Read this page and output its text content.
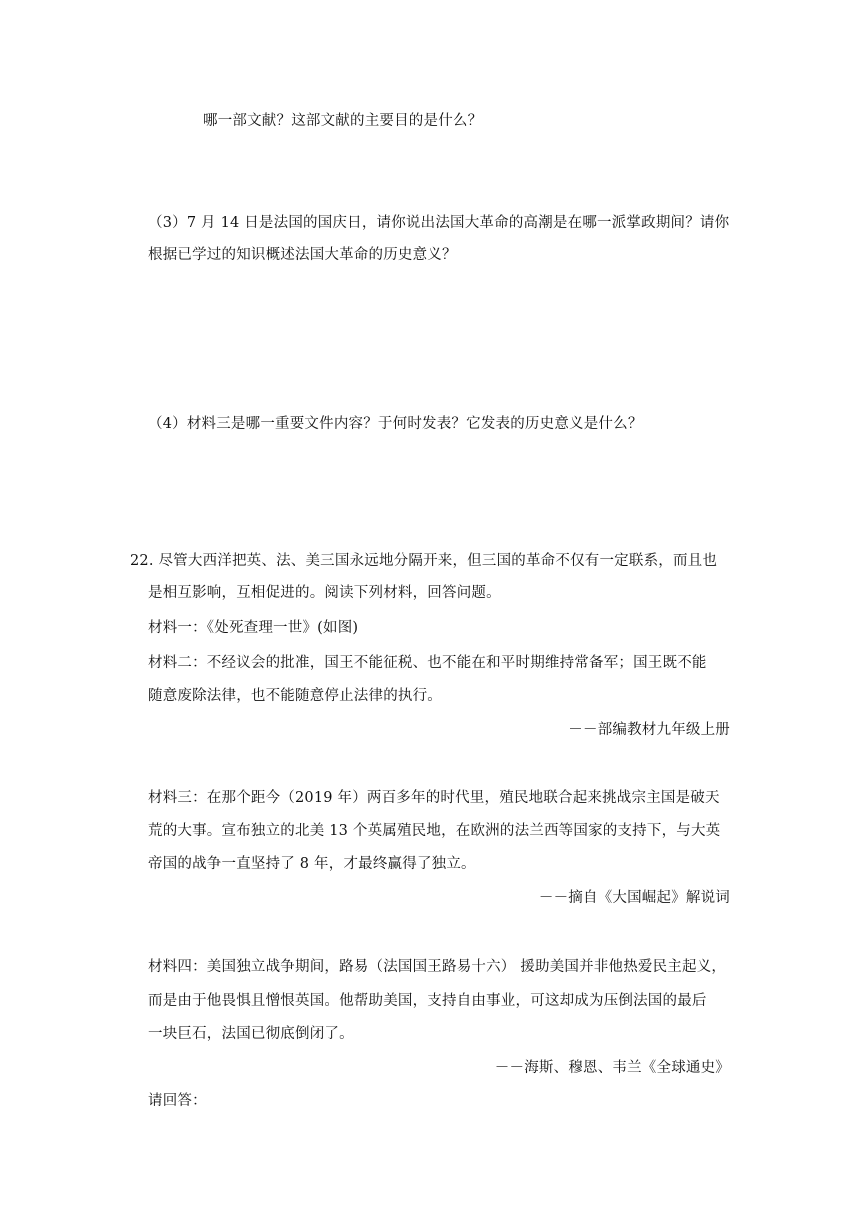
哪一部文献？这部文献的主要目的是什么？
（3）7 月 14 日是法国的国庆日，请你说出法国大革命的高潮是在哪一派掌政期间？请你
根据已学过的知识概述法国大革命的历史意义？
（4）材料三是哪一重要文件内容？于何时发表？它发表的历史意义是什么？
22. 尽管大西洋把英、法、美三国永远地分隔开来，但三国的革命不仅有一定联系，而且也
是相互影响，互相促进的。阅读下列材料，回答问题。
材料一：《处死查理一世》(如图)
材料二：不经议会的批准，国王不能征税、也不能在和平时期维持常备军；国王既不能
随意废除法律，也不能随意停止法律的执行。
－－部编教材九年级上册
材料三：在那个距今（2019 年）两百多年的时代里，殖民地联合起来挑战宗主国是破天
荒的大事。宣布独立的北美 13 个英属殖民地，在欧洲的法兰西等国家的支持下，与大英
帝国的战争一直坚持了 8 年，才最终赢得了独立。
－－摘自《大国崛起》解说词
材料四：美国独立战争期间，路易（法国国王路易十六） 援助美国并非他热爱民主起义，
而是由于他畏惧且憎恨英国。他帮助美国，支持自由事业，可这却成为压倒法国的最后
一块巨石，法国已彻底倒闭了。
－－海斯、穆恩、韦兰《全球通史》
请回答：
